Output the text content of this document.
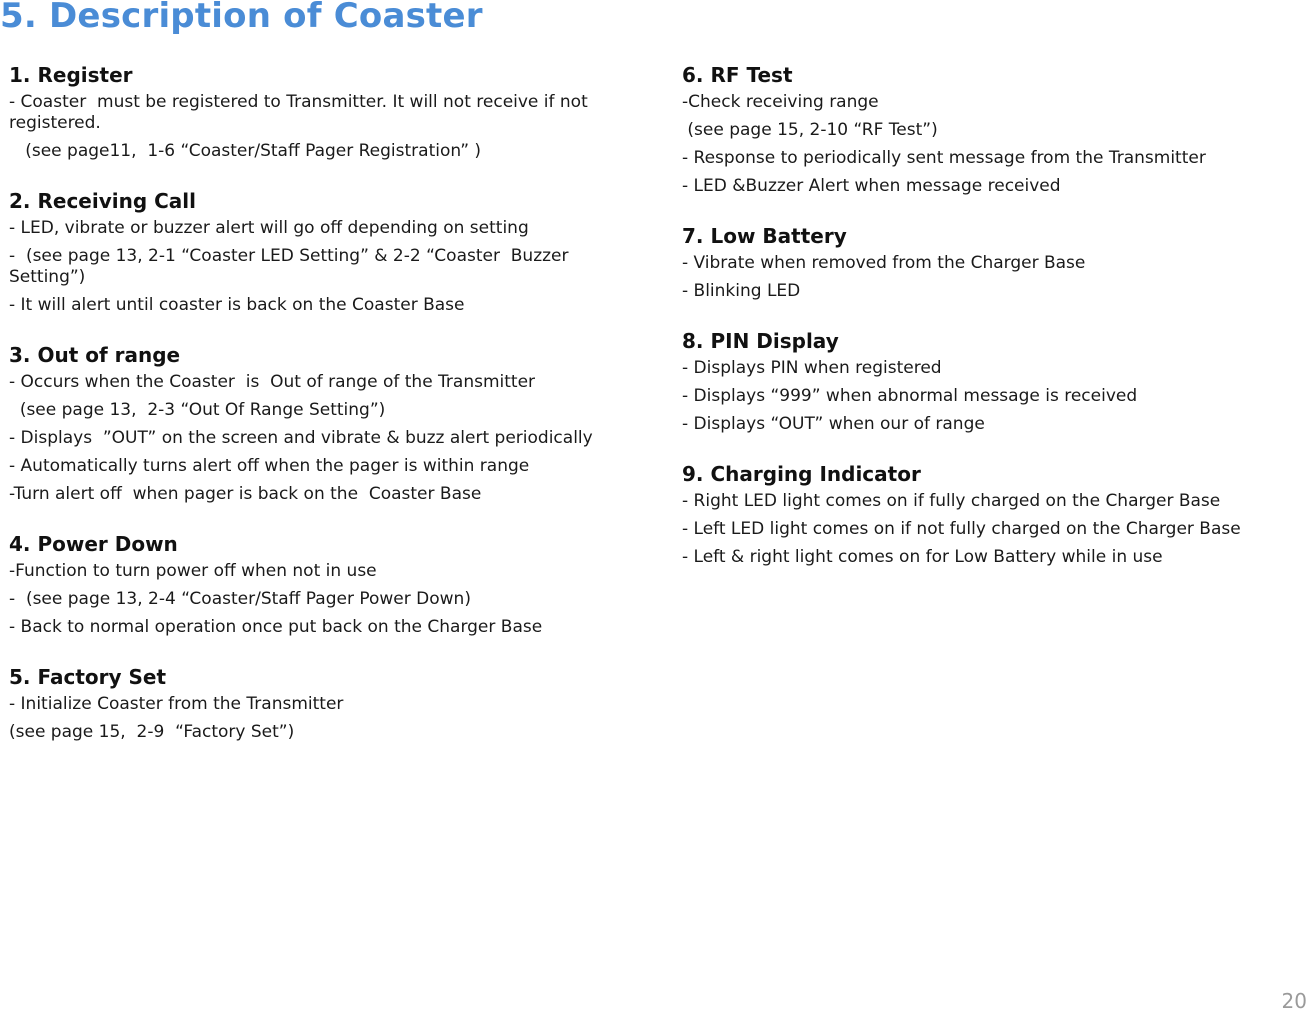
5. Description of Coaster
1. Register
- Coaster  must be registered to Transmitter. It will not receive if not registered.
(see page11,  1-6 “Coaster/Staff Pager Registration” )
2. Receiving Call
- LED, vibrate or buzzer alert will go off depending on setting
-  (see page 13, 2-1 “Coaster LED Setting” & 2-2 “Coaster  Buzzer Setting”)
- It will alert until coaster is back on the Coaster Base
3. Out of range
- Occurs when the Coaster  is  Out of range of the Transmitter
(see page 13,  2-3 “Out Of Range Setting”)
- Displays  ”OUT” on the screen and vibrate & buzz alert periodically
- Automatically turns alert off when the pager is within range
-Turn alert off  when pager is back on the  Coaster Base
4. Power Down
-Function to turn power off when not in use
-  (see page 13, 2-4 “Coaster/Staff Pager Power Down)
- Back to normal operation once put back on the Charger Base
5. Factory Set
- Initialize Coaster from the Transmitter
(see page 15,  2-9  “Factory Set”)
6. RF Test
-Check receiving range
(see page 15, 2-10 “RF Test”)
- Response to periodically sent message from the Transmitter
- LED &Buzzer Alert when message received
7. Low Battery
- Vibrate when removed from the Charger Base
- Blinking LED
8. PIN Display
- Displays PIN when registered
- Displays “999” when abnormal message is received
- Displays “OUT” when our of range
9. Charging Indicator
- Right LED light comes on if fully charged on the Charger Base
- Left LED light comes on if not fully charged on the Charger Base
- Left & right light comes on for Low Battery while in use
20
